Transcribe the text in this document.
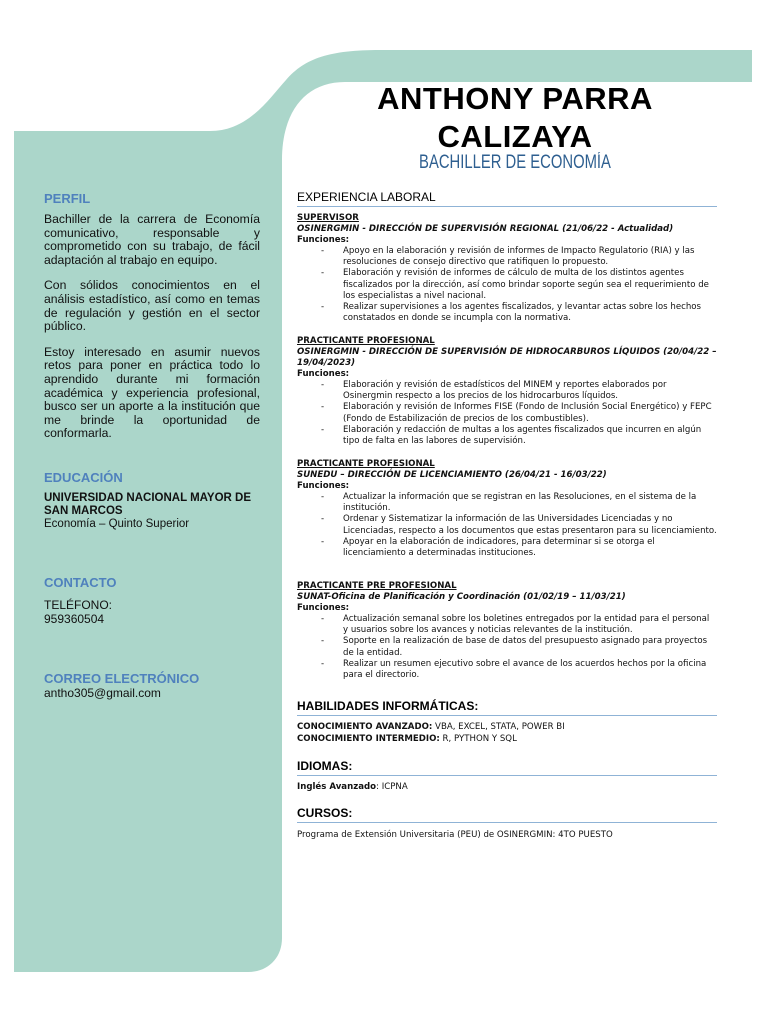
ANTHONY PARRA
CALIZAYA
BACHILLER DE ECONOMÍA
PERFIL

Bachiller de la carrera de Economía comunicativo, responsable y comprometido con su trabajo, de fácil adaptación al trabajo en equipo.

Con sólidos conocimientos en el análisis estadístico, así como en temas de regulación y gestión en el sector público.

Estoy interesado en asumir nuevos retos para poner en práctica todo lo aprendido durante mi formación académica y experiencia profesional, busco ser un aporte a la institución que me brinde la oportunidad de conformarla.

EDUCACIÓN
UNIVERSIDAD NACIONAL MAYOR DE SAN MARCOS
Economía – Quinto Superior
CONTACTO
TELÉFONO:
959360504
CORREO ELECTRÓNICO
antho305@gmail.com
EXPERIENCIA LABORAL
SUPERVISOR
OSINERGMIN - DIRECCIÓN DE SUPERVISIÓN REGIONAL (21/06/22 - Actualidad)
Funciones:
- Apoyo en la elaboración y revisión de informes de Impacto Regulatorio (RIA) y las resoluciones de consejo directivo que ratifiquen lo propuesto.
- Elaboración y revisión de informes de cálculo de multa de los distintos agentes fiscalizados por la dirección, así como brindar soporte según sea el requerimiento de los especialistas a nivel nacional.
- Realizar supervisiones a los agentes fiscalizados, y levantar actas sobre los hechos constatados en donde se incumpla con la normativa.
PRACTICANTE PROFESIONAL
OSINERGMIN - DIRECCIÓN DE SUPERVISIÓN DE HIDROCARBUROS LÍQUIDOS (20/04/22 – 19/04/2023)
Funciones:
- Elaboración y revisión de estadísticos del MINEM y reportes elaborados por Osinergmin respecto a los precios de los hidrocarburos líquidos.
- Elaboración y revisión de Informes FISE (Fondo de Inclusión Social Energético) y FEPC (Fondo de Estabilización de precios de los combustibles).
- Elaboración y redacción de multas a los agentes fiscalizados que incurren en algún tipo de falta en las labores de supervisión.
PRACTICANTE PROFESIONAL
SUNEDU – DIRECCIÓN DE LICENCIAMIENTO (26/04/21 - 16/03/22)
Funciones:
- Actualizar la información que se registran en las Resoluciones, en el sistema de la institución.
- Ordenar y Sistematizar la información de las Universidades Licenciadas y no Licenciadas, respecto a los documentos que estas presentaron para su licenciamiento.
- Apoyar en la elaboración de indicadores, para determinar si se otorga el licenciamiento a determinadas instituciones.
PRACTICANTE PRE PROFESIONAL
SUNAT-Oficina de Planificación y Coordinación (01/02/19 – 11/03/21)
Funciones:
- Actualización semanal sobre los boletines entregados por la entidad para el personal y usuarios sobre los avances y noticias relevantes de la institución.
- Soporte en la realización de base de datos del presupuesto asignado para proyectos de la entidad.
- Realizar un resumen ejecutivo sobre el avance de los acuerdos hechos por la oficina para el directorio.
HABILIDADES INFORMÁTICAS:
CONOCIMIENTO AVANZADO: VBA, EXCEL, STATA, POWER BI
CONOCIMIENTO INTERMEDIO: R, PYTHON Y SQL
IDIOMAS:
Inglés Avanzado: ICPNA
CURSOS:
Programa de Extensión Universitaria (PEU) de OSINERGMIN: 4TO PUESTO
